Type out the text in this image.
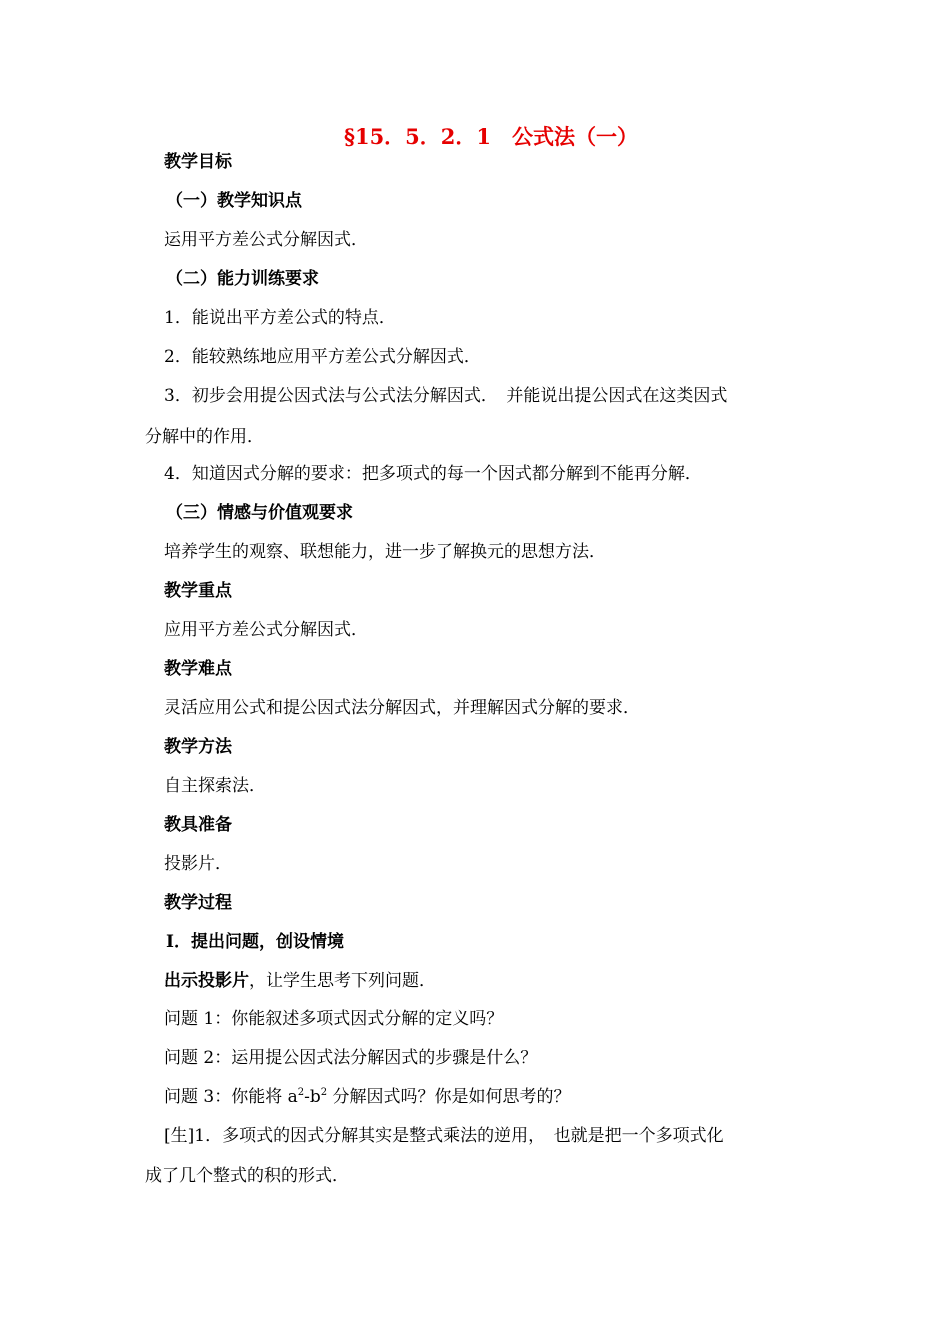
§15．5．2．1　公式法（一）
教学目标
（一）教学知识点
运用平方差公式分解因式．
（二）能力训练要求
1．能说出平方差公式的特点．
2．能较熟练地应用平方差公式分解因式．
3．初步会用提公因式法与公式法分解因式．　并能说出提公因式在这类因式
分解中的作用．
4．知道因式分解的要求：把多项式的每一个因式都分解到不能再分解．
（三）情感与价值观要求
培养学生的观察、联想能力，进一步了解换元的思想方法．
教学重点
应用平方差公式分解因式．
教学难点
灵活应用公式和提公因式法分解因式，并理解因式分解的要求．
教学方法
自主探索法．
教具准备
投影片．
教学过程
Ⅰ．提出问题，创设情境
出示投影片，让学生思考下列问题．
问题 1：你能叙述多项式因式分解的定义吗？
问题 2：运用提公因式法分解因式的步骤是什么？
问题 3：你能将 $a^2-b^2$ 分解因式吗？你是如何思考的？
[生]1．多项式的因式分解其实是整式乘法的逆用，　也就是把一个多项式化
成了几个整式的积的形式．
